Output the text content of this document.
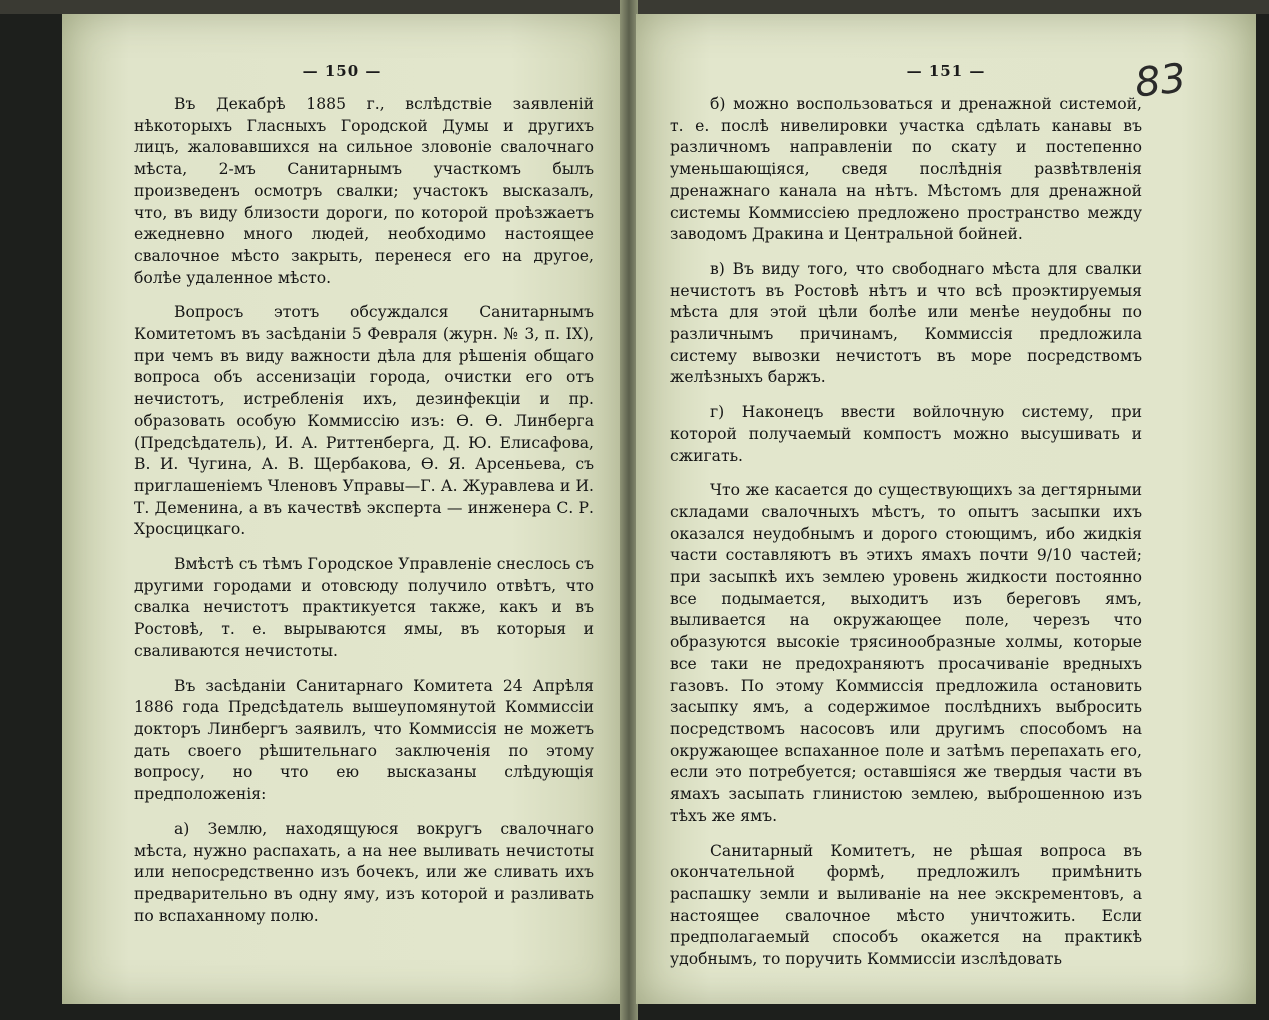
— 150 —

Въ Декабрѣ 1885 г., вслѣдствіе заявленій нѣкоторыхъ Гласныхъ Городской Думы и другихъ лицъ, жаловавшихся на сильное зловоніе свалочнаго мѣста, 2-мъ Санитарнымъ участкомъ былъ произведенъ осмотръ свалки; участокъ высказалъ, что, въ виду близости дороги, по которой проѣзжаетъ ежедневно много людей, необходимо настоящее свалочное мѣсто закрыть, перенеся его на другое, болѣе удаленное мѣсто.

Вопросъ этотъ обсуждался Санитарнымъ Комитетомъ въ засѣданіи 5 Февраля (журн. № 3, п. IX), при чемъ въ виду важности дѣла для рѣшенія общаго вопроса объ ассенизаціи города, очистки его отъ нечистотъ, истребленія ихъ, дезинфекціи и пр. образовать особую Коммиссію изъ: Ѳ. Ѳ. Линберга (Предсѣдатель), И. А. Риттенберга, Д. Ю. Елисафова, В. И. Чугина, А. В. Щербакова, Ѳ. Я. Арсеньева, съ приглашеніемъ Членовъ Управы—Г. А. Журавлева и И. Т. Деменина, а въ качествѣ эксперта — инженера С. Р. Хросцицкаго.

Вмѣстѣ съ тѣмъ Городское Управленіе снеслось съ другими городами и отовсюду получило отвѣтъ, что свалка нечистотъ практикуется также, какъ и въ Ростовѣ, т. е. вырываются ямы, въ которыя и сваливаются нечистоты.

Въ засѣданіи Санитарнаго Комитета 24 Апрѣля 1886 года Предсѣдатель вышеупомянутой Коммиссіи докторъ Линбергъ заявилъ, что Коммиссія не можетъ дать своего рѣшительнаго заключенія по этому вопросу, но что ею высказаны слѣдующія предположенія:

а) Землю, находящуюся вокругъ свалочнаго мѣста, нужно распахать, а на нее выливать нечистоты или непосредственно изъ бочекъ, или же сливать ихъ предварительно въ одну яму, изъ которой и разливать по вспаханному полю.

— 151 —	83

б) можно воспользоваться и дренажной системой, т. е. послѣ нивелировки участка сдѣлать канавы въ различномъ направленіи по скату и постепенно уменьшающіяся, сведя послѣднія развѣтвленія дренажнаго канала на нѣтъ. Мѣстомъ для дренажной системы Коммиссіею предложено пространство между заводомъ Дракина и Центральной бойней.

в) Въ виду того, что свободнаго мѣста для свалки нечистотъ въ Ростовѣ нѣтъ и что всѣ проэктируемыя мѣста для этой цѣли болѣе или менѣе неудобны по различнымъ причинамъ, Коммиссія предложила систему вывозки нечистотъ въ море посредствомъ желѣзныхъ баржъ.

г) Наконецъ ввести войлочную систему, при которой получаемый компостъ можно высушивать и сжигать.

Что же касается до существующихъ за дегтярными складами свалочныхъ мѣстъ, то опытъ засыпки ихъ оказался неудобнымъ и дорого стоющимъ, ибо жидкія части составляютъ въ этихъ ямахъ почти 9/10 частей; при засыпкѣ ихъ землею уровень жидкости постоянно все подымается, выходитъ изъ береговъ ямъ, выливается на окружающее поле, черезъ что образуются высокіе трясинообразные холмы, которые все таки не предохраняютъ просачиваніе вредныхъ газовъ. По этому Коммиссія предложила остановить засыпку ямъ, а содержимое послѣднихъ выбросить посредствомъ насосовъ или другимъ способомъ на окружающее вспаханное поле и затѣмъ перепахать его, если это потребуется; оставшіяся же твердыя части въ ямахъ засыпать глинистою землею, выброшенною изъ тѣхъ же ямъ.

Санитарный Комитетъ, не рѣшая вопроса въ окончательной формѣ, предложилъ примѣнить распашку земли и выливаніе на нее экскрементовъ, а настоящее свалочное мѣсто уничтожить. Если предполагаемый способъ окажется на практикѣ удобнымъ, то поручить Коммиссіи изслѣдовать
